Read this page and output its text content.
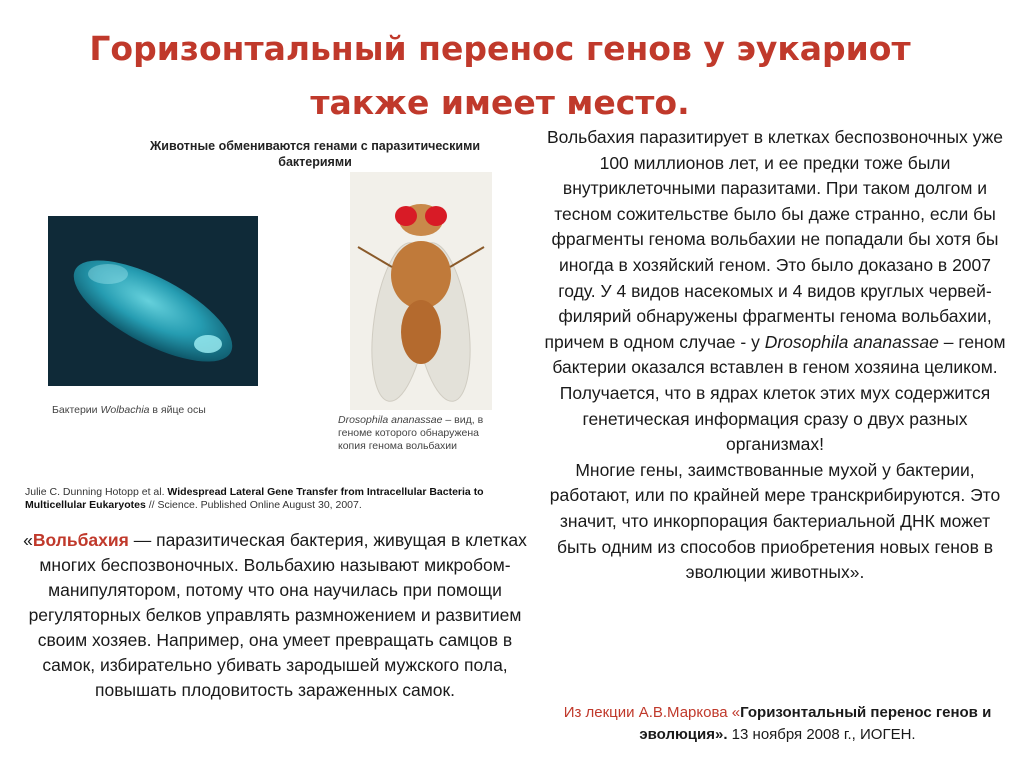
Горизонтальный перенос генов у эукариот
также имеет место.
Животные обмениваются генами с паразитическими бактериями
Бактерии Wolbachia в яйце осы
Drosophila ananassae – вид, в геноме которого обнаружена копия генома вольбахии
Julie C. Dunning Hotopp et al. Widespread Lateral Gene Transfer from Intracellular Bacteria to Multicellular Eukaryotes // Science. Published Online August 30, 2007.
«Вольбахия — паразитическая бактерия, живущая в клетках многих беспозвоночных. Вольбахию называют микробом-манипулятором, потому что она научилась при помощи регуляторных белков управлять размножением и развитием своим хозяев. Например, она умеет превращать самцов в самок, избирательно убивать зародышей мужского пола, повышать плодовитость зараженных самок.

Вольбахия паразитирует в клетках беспозвоночных уже 100 миллионов лет, и ее предки тоже были внутриклеточными паразитами. При таком долгом и тесном сожительстве было бы даже странно, если бы фрагменты генома вольбахии не попадали бы хотя бы иногда в хозяйский геном. Это было доказано в 2007 году. У 4 видов насекомых и 4 видов круглых червей-филярий обнаружены фрагменты генома вольбахии, причем в одном случае - у Drosophila ananassae – геном бактерии оказался вставлен в геном хозяина целиком. Получается, что в ядрах клеток этих мух содержится генетическая информация сразу о двух разных организмах!

Многие гены, заимствованные мухой у бактерии, работают, или по крайней мере транскрибируются. Это значит, что инкорпорация бактериальной ДНК может быть одним из способов приобретения новых генов в эволюции животных».

Из лекции А.В.Маркова «Горизонтальный перенос генов и эволюция». 13 ноября 2008 г., ИОГЕН.
